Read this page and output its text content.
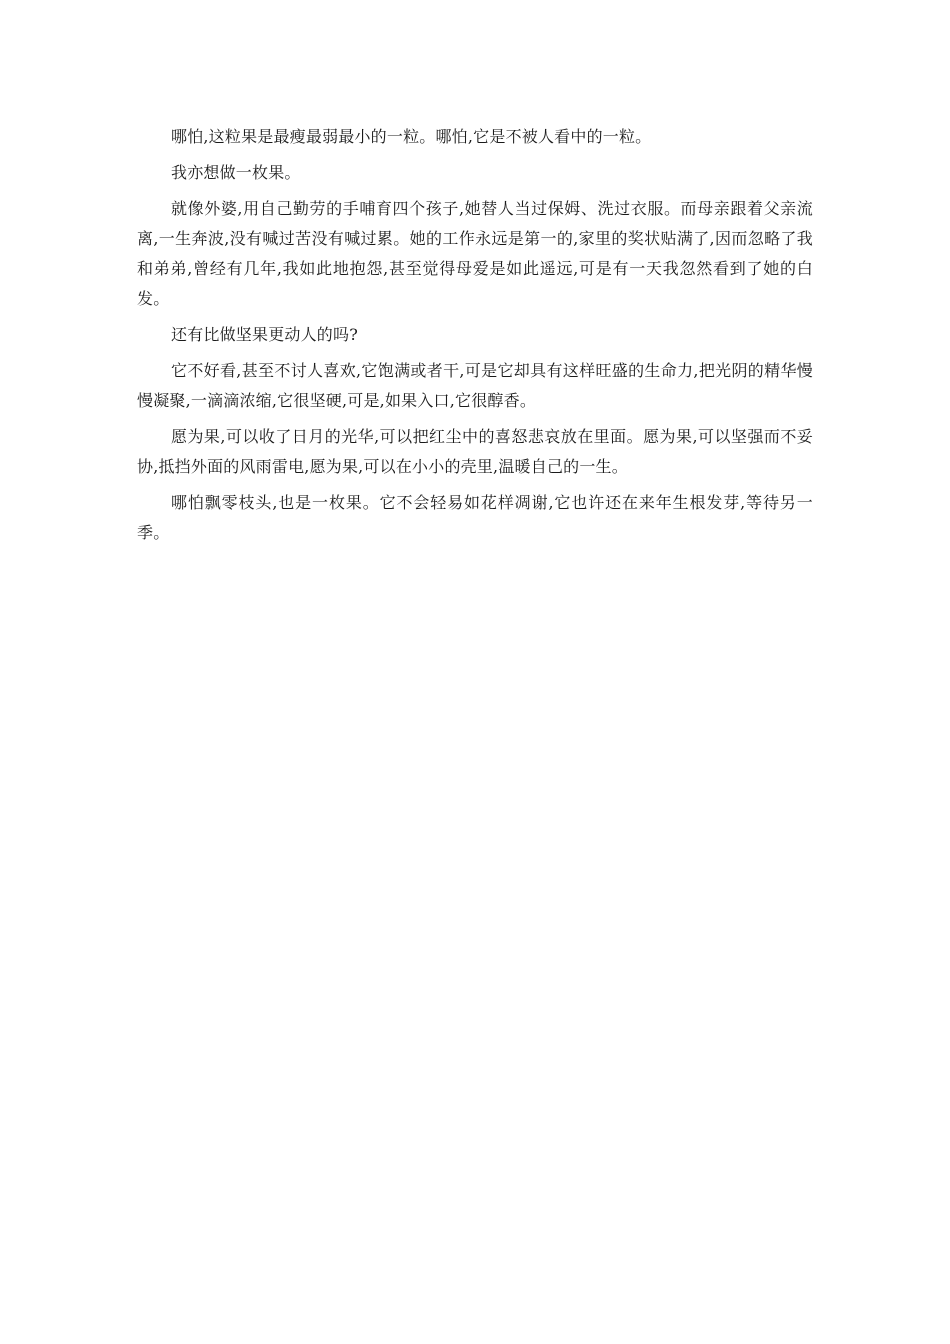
哪怕,这粒果是最瘦最弱最小的一粒。哪怕,它是不被人看中的一粒。

我亦想做一枚果。

就像外婆,用自己勤劳的手哺育四个孩子,她替人当过保姆、洗过衣服。而母亲跟着父亲流离,一生奔波,没有喊过苦没有喊过累。她的工作永远是第一的,家里的奖状贴满了,因而忽略了我和弟弟,曾经有几年,我如此地抱怨,甚至觉得母爱是如此遥远,可是有一天我忽然看到了她的白发。

还有比做坚果更动人的吗?

它不好看,甚至不讨人喜欢,它饱满或者干,可是它却具有这样旺盛的生命力,把光阴的精华慢慢凝聚,一滴滴浓缩,它很坚硬,可是,如果入口,它很醇香。

愿为果,可以收了日月的光华,可以把红尘中的喜怒悲哀放在里面。愿为果,可以坚强而不妥协,抵挡外面的风雨雷电,愿为果,可以在小小的壳里,温暖自己的一生。

哪怕飘零枝头,也是一枚果。它不会轻易如花样凋谢,它也许还在来年生根发芽,等待另一季。
